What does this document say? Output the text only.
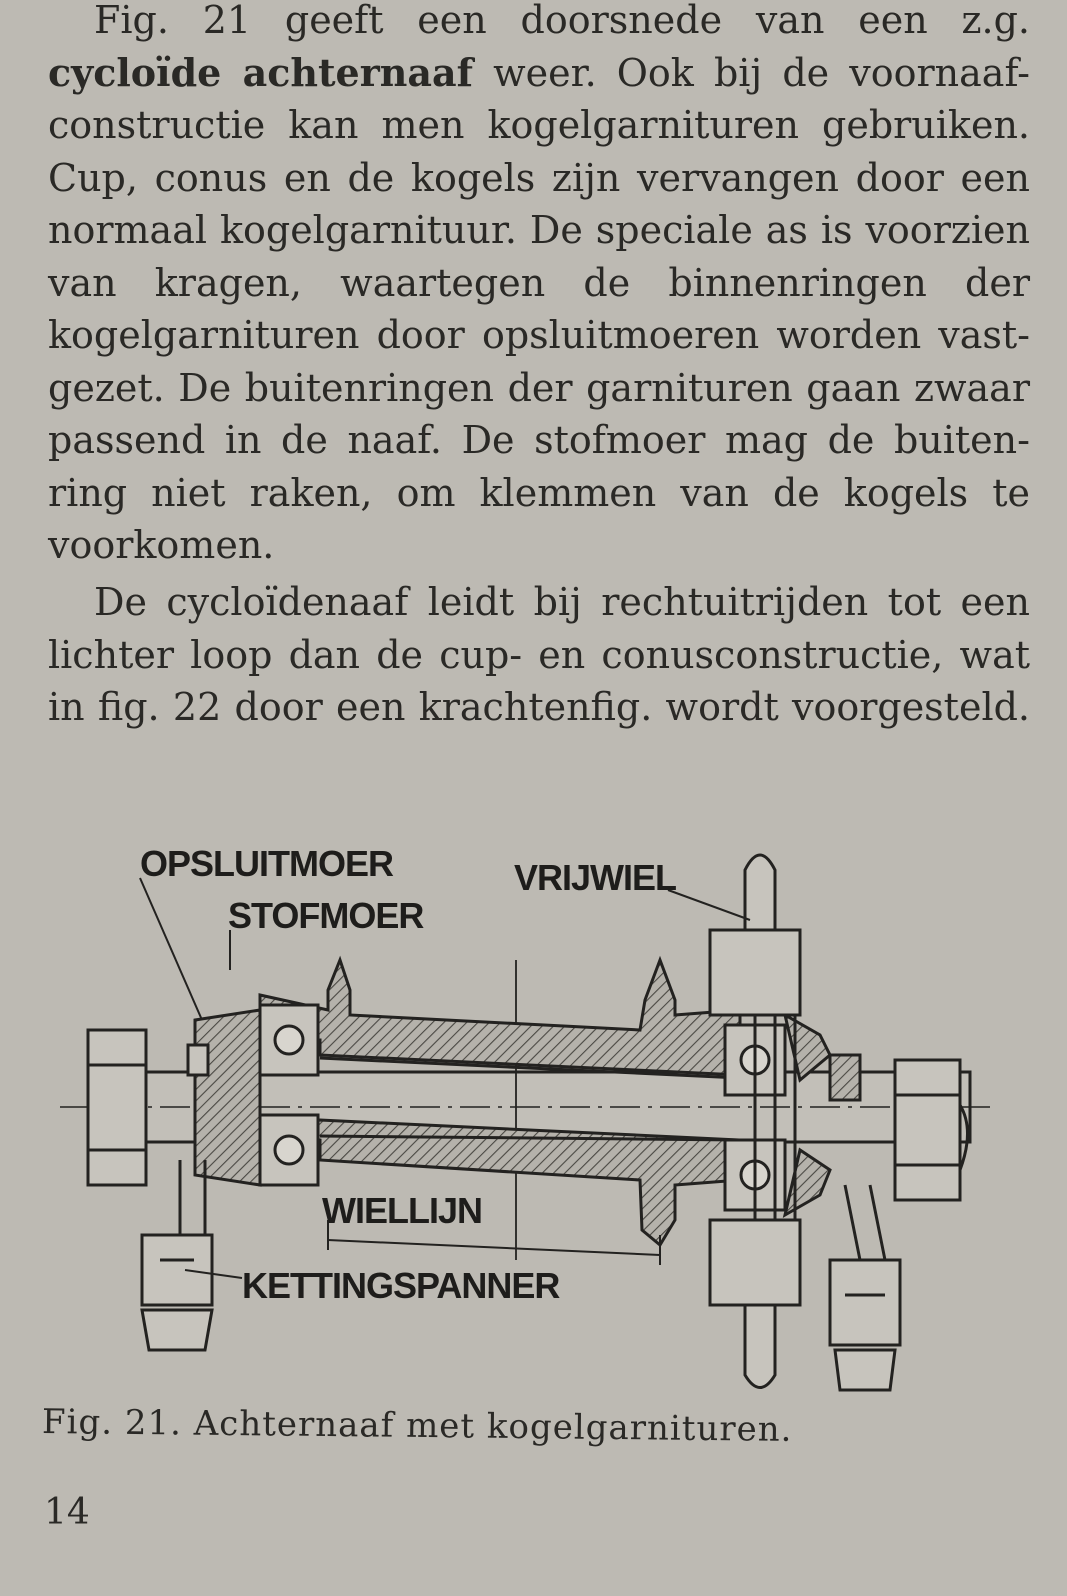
Fig. 21 geeft een doorsnede van een z.g.
cycloïde achternaaf weer. Ook bij de voornaaf-
constructie kan men kogelgarnituren gebruiken.
Cup, conus en de kogels zijn vervangen door een
normaal kogelgarnituur. De speciale as is voorzien
van kragen, waartegen de binnenringen der
kogelgarnituren door opsluitmoeren worden vast-
gezet. De buitenringen der garnituren gaan zwaar
passend in de naaf. De stofmoer mag de buiten-
ring niet raken, om klemmen van de kogels te
voorkomen.

De cycloïdenaaf leidt bij rechtuitrijden tot een
lichter loop dan de cup- en conusconstructie, wat
in fig. 22 door een krachtenfig. wordt voorgesteld.

OPSLUITMOER
STOFMOER
VRIJWIEL
WIELLIJN
KETTINGSPANNER

Fig. 21. Achternaaf met kogelgarnituren.

14
